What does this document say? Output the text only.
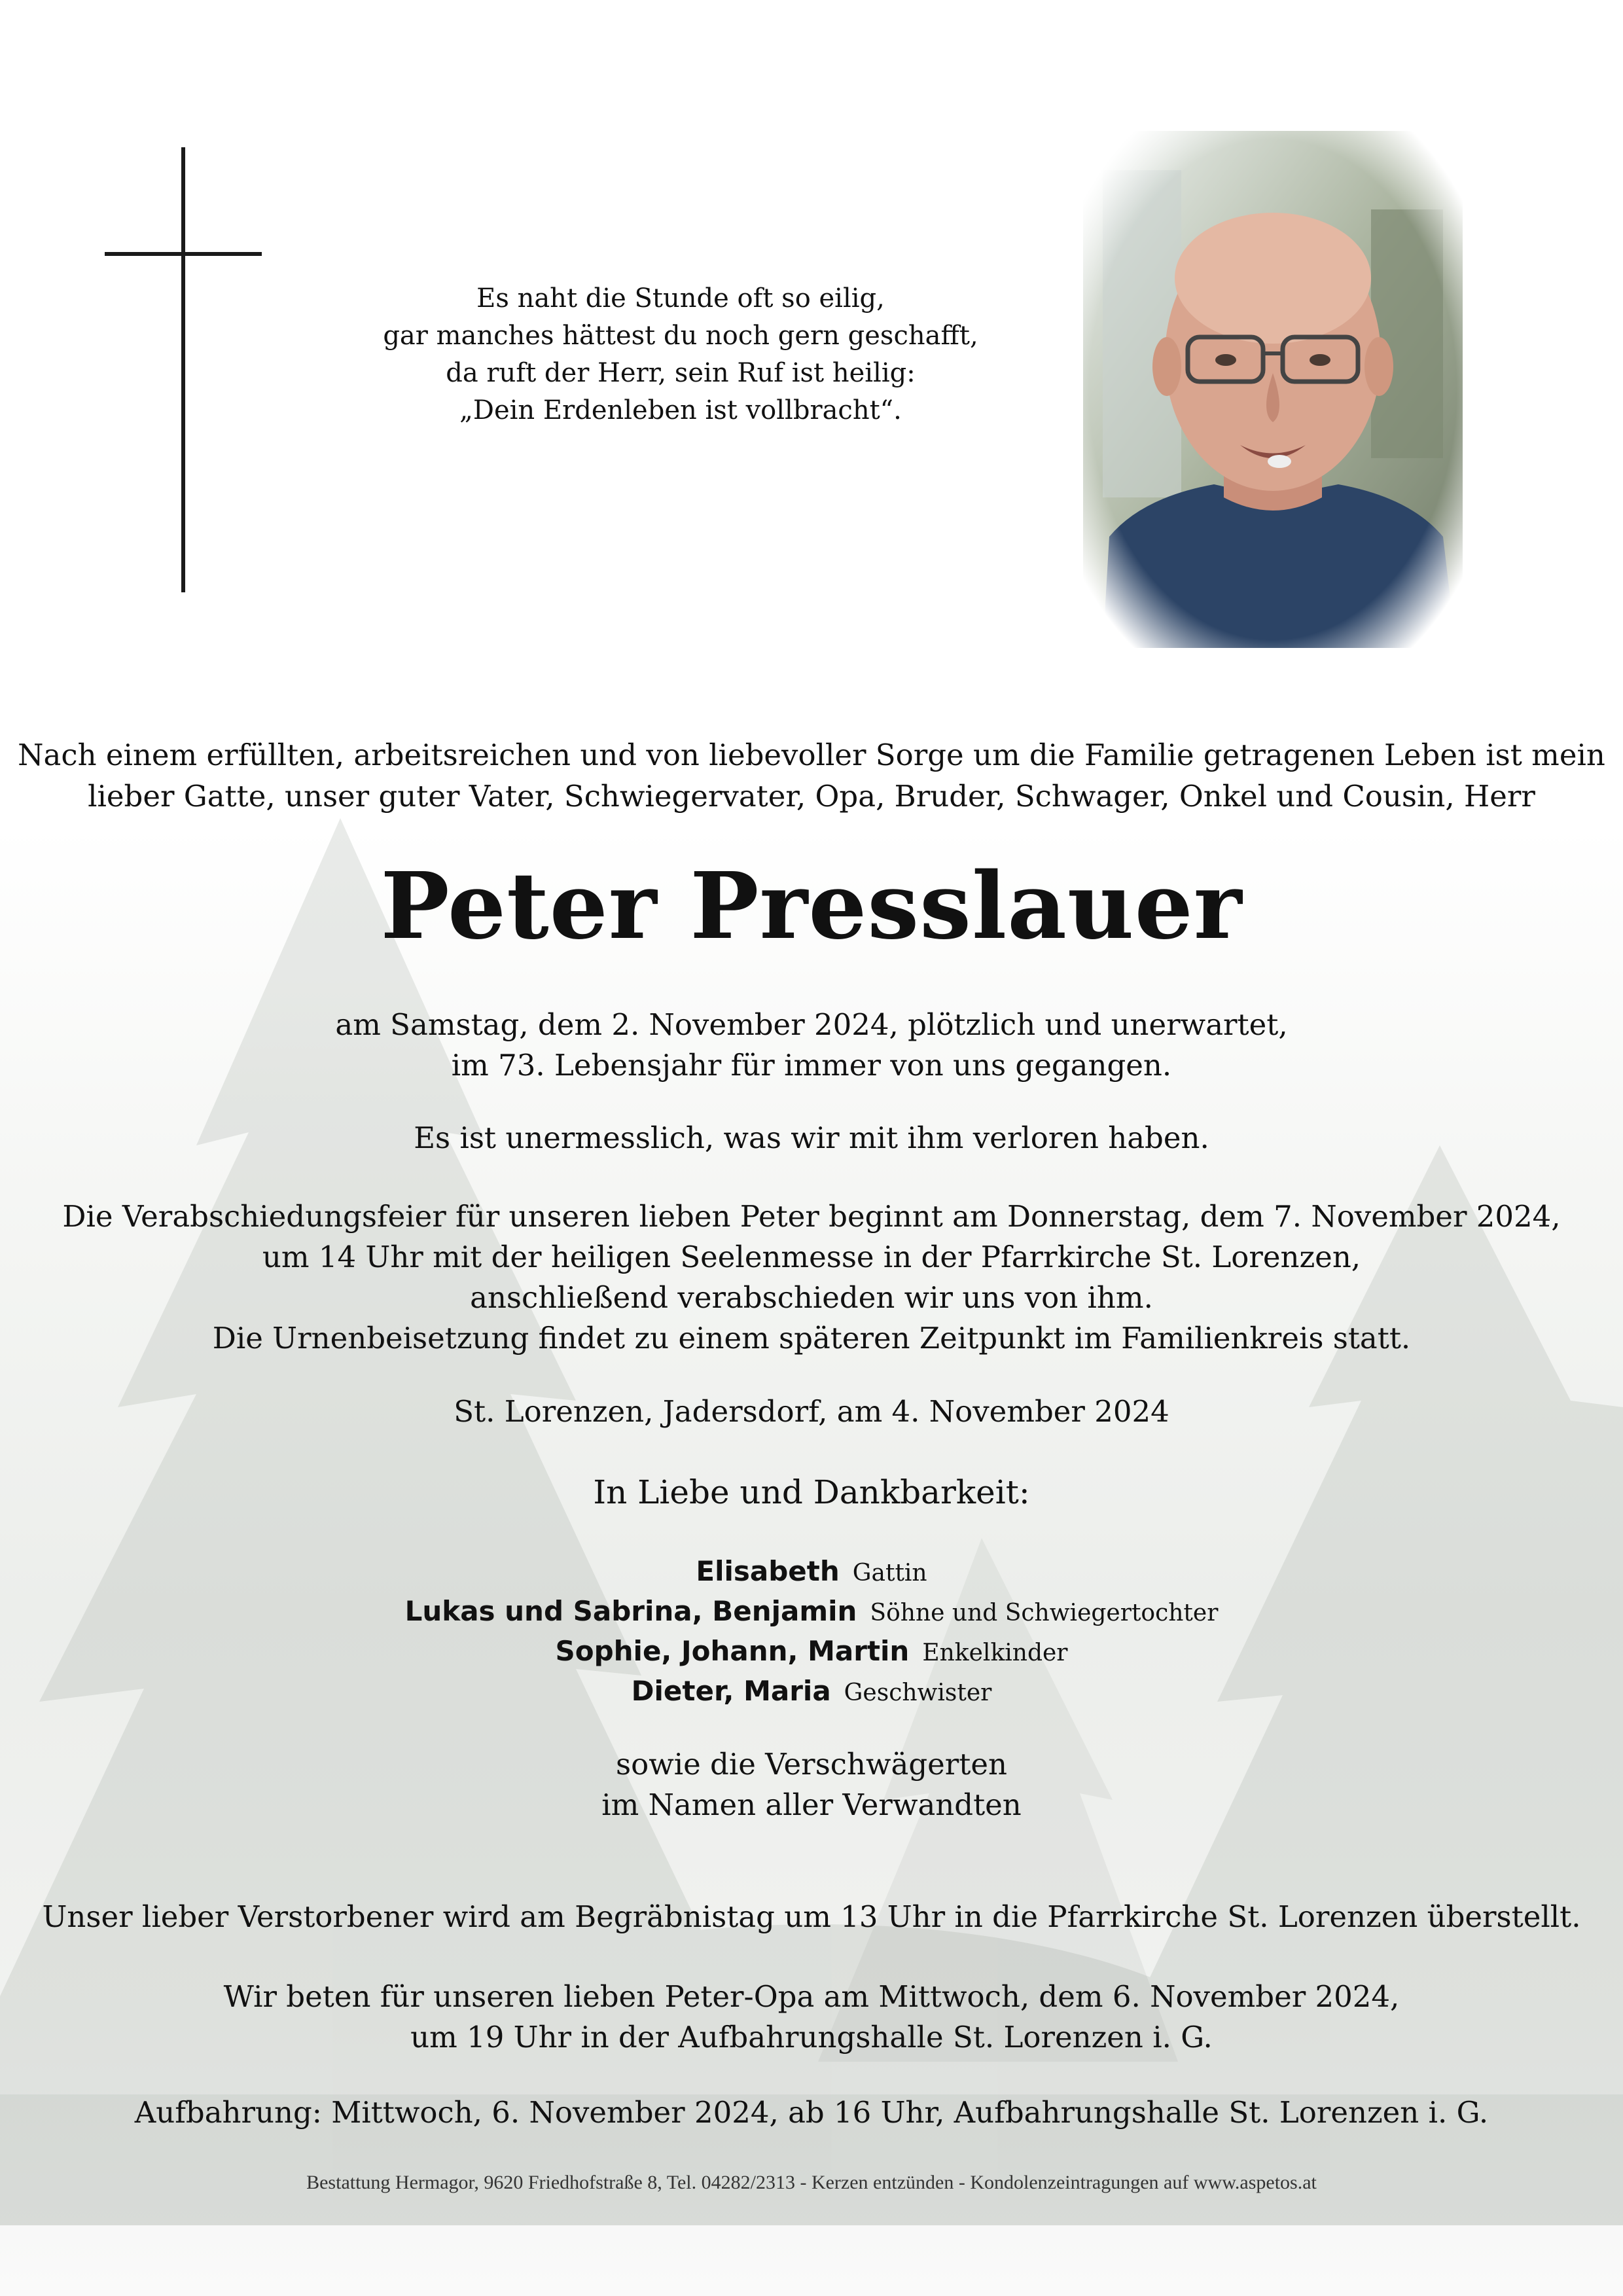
Es naht die Stunde oft so eilig,
gar manches hättest du noch gern geschafft,
da ruft der Herr, sein Ruf ist heilig:
„Dein Erdenleben ist vollbracht“.
Nach einem erfüllten, arbeitsreichen und von liebevoller Sorge um die Familie getragenen Leben ist mein
lieber Gatte, unser guter Vater, Schwiegervater, Opa, Bruder, Schwager, Onkel und Cousin, Herr
Peter Presslauer
am Samstag, dem 2. November 2024, plötzlich und unerwartet,
im 73. Lebensjahr für immer von uns gegangen.
Es ist unermesslich, was wir mit ihm verloren haben.
Die Verabschiedungsfeier für unseren lieben Peter beginnt am Donnerstag, dem 7. November 2024,
um 14 Uhr mit der heiligen Seelenmesse in der Pfarrkirche St. Lorenzen,
anschließend verabschieden wir uns von ihm.
Die Urnenbeisetzung findet zu einem späteren Zeitpunkt im Familienkreis statt.
St. Lorenzen, Jadersdorf, am 4. November 2024
In Liebe und Dankbarkeit:
Elisabeth Gattin
Lukas und Sabrina, Benjamin Söhne und Schwiegertochter
Sophie, Johann, Martin Enkelkinder
Dieter, Maria Geschwister
sowie die Verschwägerten
im Namen aller Verwandten
Unser lieber Verstorbener wird am Begräbnistag um 13 Uhr in die Pfarrkirche St. Lorenzen überstellt.
Wir beten für unseren lieben Peter-Opa am Mittwoch, dem 6. November 2024,
um 19 Uhr in der Aufbahrungshalle St. Lorenzen i. G.
Aufbahrung: Mittwoch, 6. November 2024, ab 16 Uhr, Aufbahrungshalle St. Lorenzen i. G.
Bestattung Hermagor, 9620 Friedhofstraße 8, Tel. 04282/2313 - Kerzen entzünden - Kondolenzeintragungen auf www.aspetos.at
